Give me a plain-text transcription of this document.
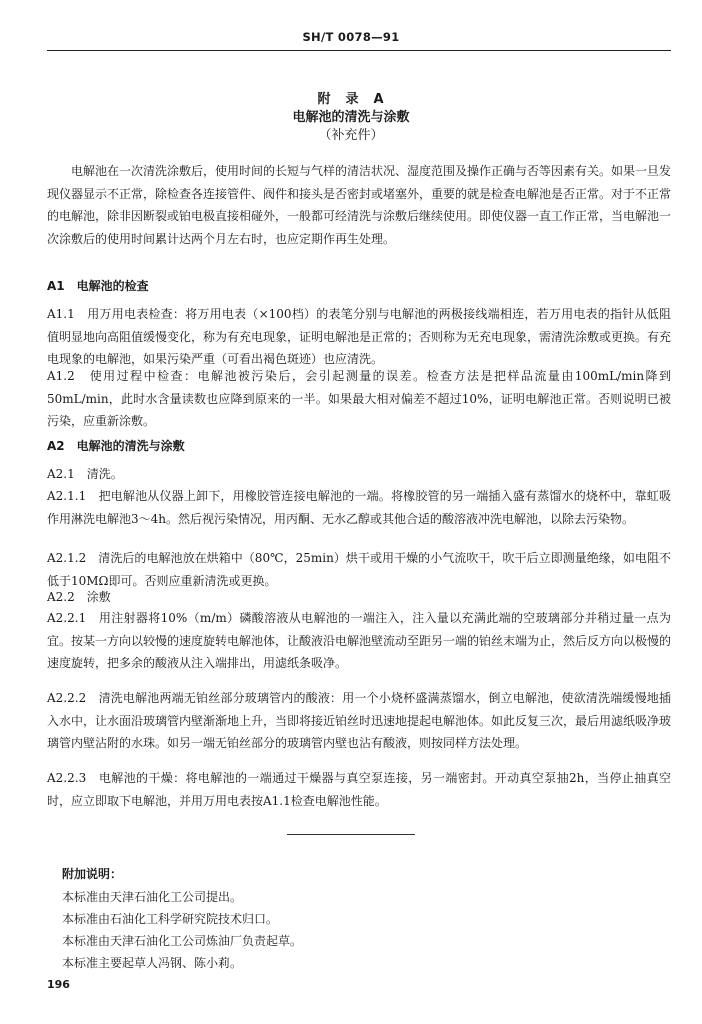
SH/T 0078—91
附　录　A
电解池的清洗与涂敷
（补充件）

电解池在一次清洗涂敷后，使用时间的长短与气样的清洁状况、湿度范围及操作正确与否等因素有关。如果一旦发现仪器显示不正常，除检查各连接管件、阀件和接头是否密封或堵塞外，重要的就是检查电解池是否正常。对于不正常的电解池，除非因断裂或铂电极直接相碰外，一般都可经清洗与涂敷后继续使用。即使仪器一直工作正常，当电解池一次涂敷后的使用时间累计达两个月左右时，也应定期作再生处理。

A1　电解池的检查

A1.1　用万用电表检查：将万用电表（×100档）的表笔分别与电解池的两极接线端相连，若万用电表的指针从低阻值明显地向高阻值缓慢变化，称为有充电现象，证明电解池是正常的；否则称为无充电现象，需清洗涂敷或更换。有充电现象的电解池，如果污染严重（可看出褐色斑迹）也应清洗。

A1.2　使用过程中检查：电解池被污染后，会引起测量的误差。检查方法是把样品流量由100mL/min降到50mL/min，此时水含量读数也应降到原来的一半。如果最大相对偏差不超过10%，证明电解池正常。否则说明已被污染，应重新涂敷。

A2　电解池的清洗与涂敷

A2.1　清洗。

A2.1.1　把电解池从仪器上卸下，用橡胶管连接电解池的一端。将橡胶管的另一端插入盛有蒸馏水的烧杯中，靠虹吸作用淋洗电解池3～4h。然后视污染情况，用丙酮、无水乙醇或其他合适的酸溶液冲洗电解池，以除去污染物。

A2.1.2　清洗后的电解池放在烘箱中（80℃，25min）烘干或用干燥的小气流吹干，吹干后立即测量绝缘，如电阻不低于10MΩ即可。否则应重新清洗或更换。

A2.2　涂敷

A2.2.1　用注射器将10%（m/m）磷酸溶液从电解池的一端注入，注入量以充满此端的空玻璃部分并稍过量一点为宜。按某一方向以较慢的速度旋转电解池体，让酸液沿电解池壁流动至距另一端的铂丝末端为止，然后反方向以极慢的速度旋转，把多余的酸液从注入端排出，用滤纸条吸净。

A2.2.2　清洗电解池两端无铂丝部分玻璃管内的酸液：用一个小烧杯盛满蒸馏水，倒立电解池，使欲清洗端缓慢地插入水中，让水面沿玻璃管内壁渐渐地上升，当即将接近铂丝时迅速地提起电解池体。如此反复三次，最后用滤纸吸净玻璃管内壁沾附的水珠。如另一端无铂丝部分的玻璃管内壁也沾有酸液，则按同样方法处理。

A2.2.3　电解池的干燥：将电解池的一端通过干燥器与真空泵连接，另一端密封。开动真空泵抽2h，当停止抽真空时，应立即取下电解池，并用万用电表按A1.1检查电解池性能。

附加说明：
本标准由天津石油化工公司提出。
本标准由石油化工科学研究院技术归口。
本标准由天津石油化工公司炼油厂负责起草。
本标准主要起草人冯钢、陈小莉。
196
